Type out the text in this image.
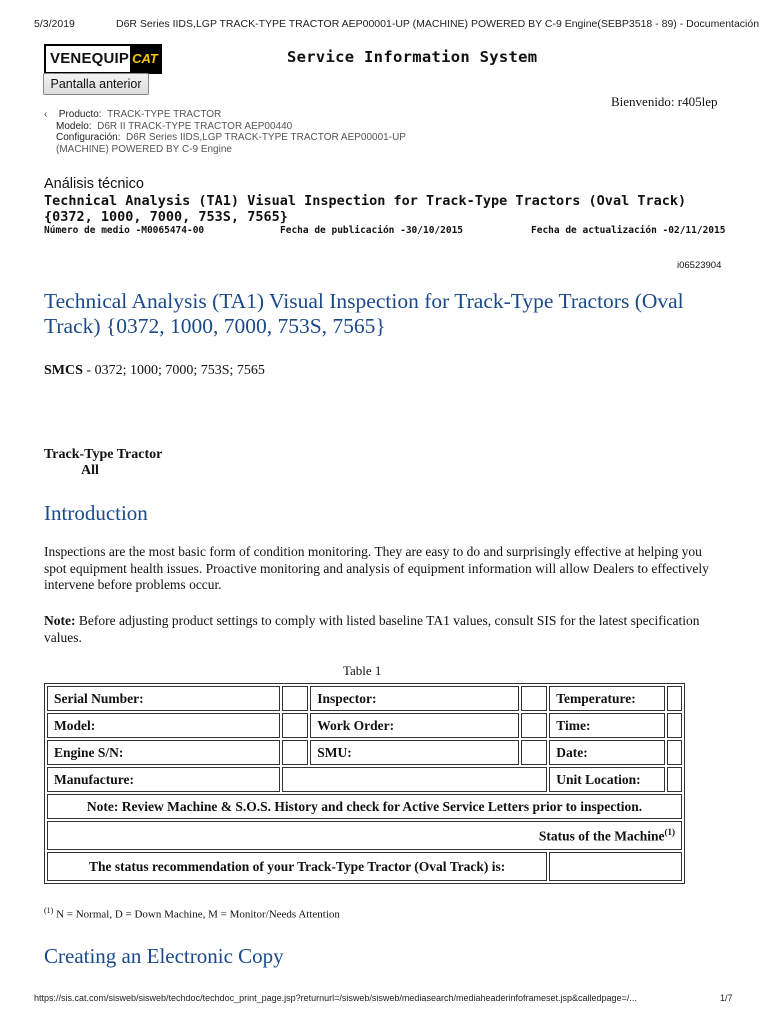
5/3/2019	D6R Series IIDS,LGP TRACK-TYPE TRACTOR AEP00001-UP (MACHINE) POWERED BY C-9 Engine(SEBP3518 - 89) - Documentación
VENEQUIP CAT	Service Information System
Pantalla anterior
Bienvenido: r405lep
‹ Producto: TRACK-TYPE TRACTOR
Modelo: D6R II TRACK-TYPE TRACTOR AEP00440
Configuración: D6R Series IIDS,LGP TRACK-TYPE TRACTOR AEP00001-UP (MACHINE) POWERED BY C-9 Engine
Análisis técnico
Technical Analysis (TA1) Visual Inspection for Track-Type Tractors (Oval Track) {0372, 1000, 7000, 753S, 7565}
Número de medio -M0065474-00	Fecha de publicación -30/10/2015	Fecha de actualización -02/11/2015
i06523904
Technical Analysis (TA1) Visual Inspection for Track-Type Tractors (Oval Track) {0372, 1000, 7000, 753S, 7565}
SMCS - 0372; 1000; 7000; 753S; 7565
Track-Type Tractor
All
Introduction
Inspections are the most basic form of condition monitoring. They are easy to do and surprisingly effective at helping you spot equipment health issues. Proactive monitoring and analysis of equipment information will allow Dealers to effectively intervene before problems occur.
Note: Before adjusting product settings to comply with listed baseline TA1 values, consult SIS for the latest specification values.
Table 1
Serial Number:		Inspector:		Temperature:	
Model:		Work Order:		Time:	
Engine S/N:		SMU:		Date:	
Manufacture:				Unit Location:	
Note: Review Machine & S.O.S. History and check for Active Service Letters prior to inspection.					
Status of the Machine$^{(1)}$
The status recommendation of your Track-Type Tractor (Oval Track) is:					
$^{(1)}$ N = Normal, D = Down Machine, M = Monitor/Needs Attention
Creating an Electronic Copy
https://sis.cat.com/sisweb/sisweb/techdoc/techdoc_print_page.jsp?returnurl=/sisweb/sisweb/mediasearch/mediaheaderinfoframeset.jsp&calledpage=/...	1/7
